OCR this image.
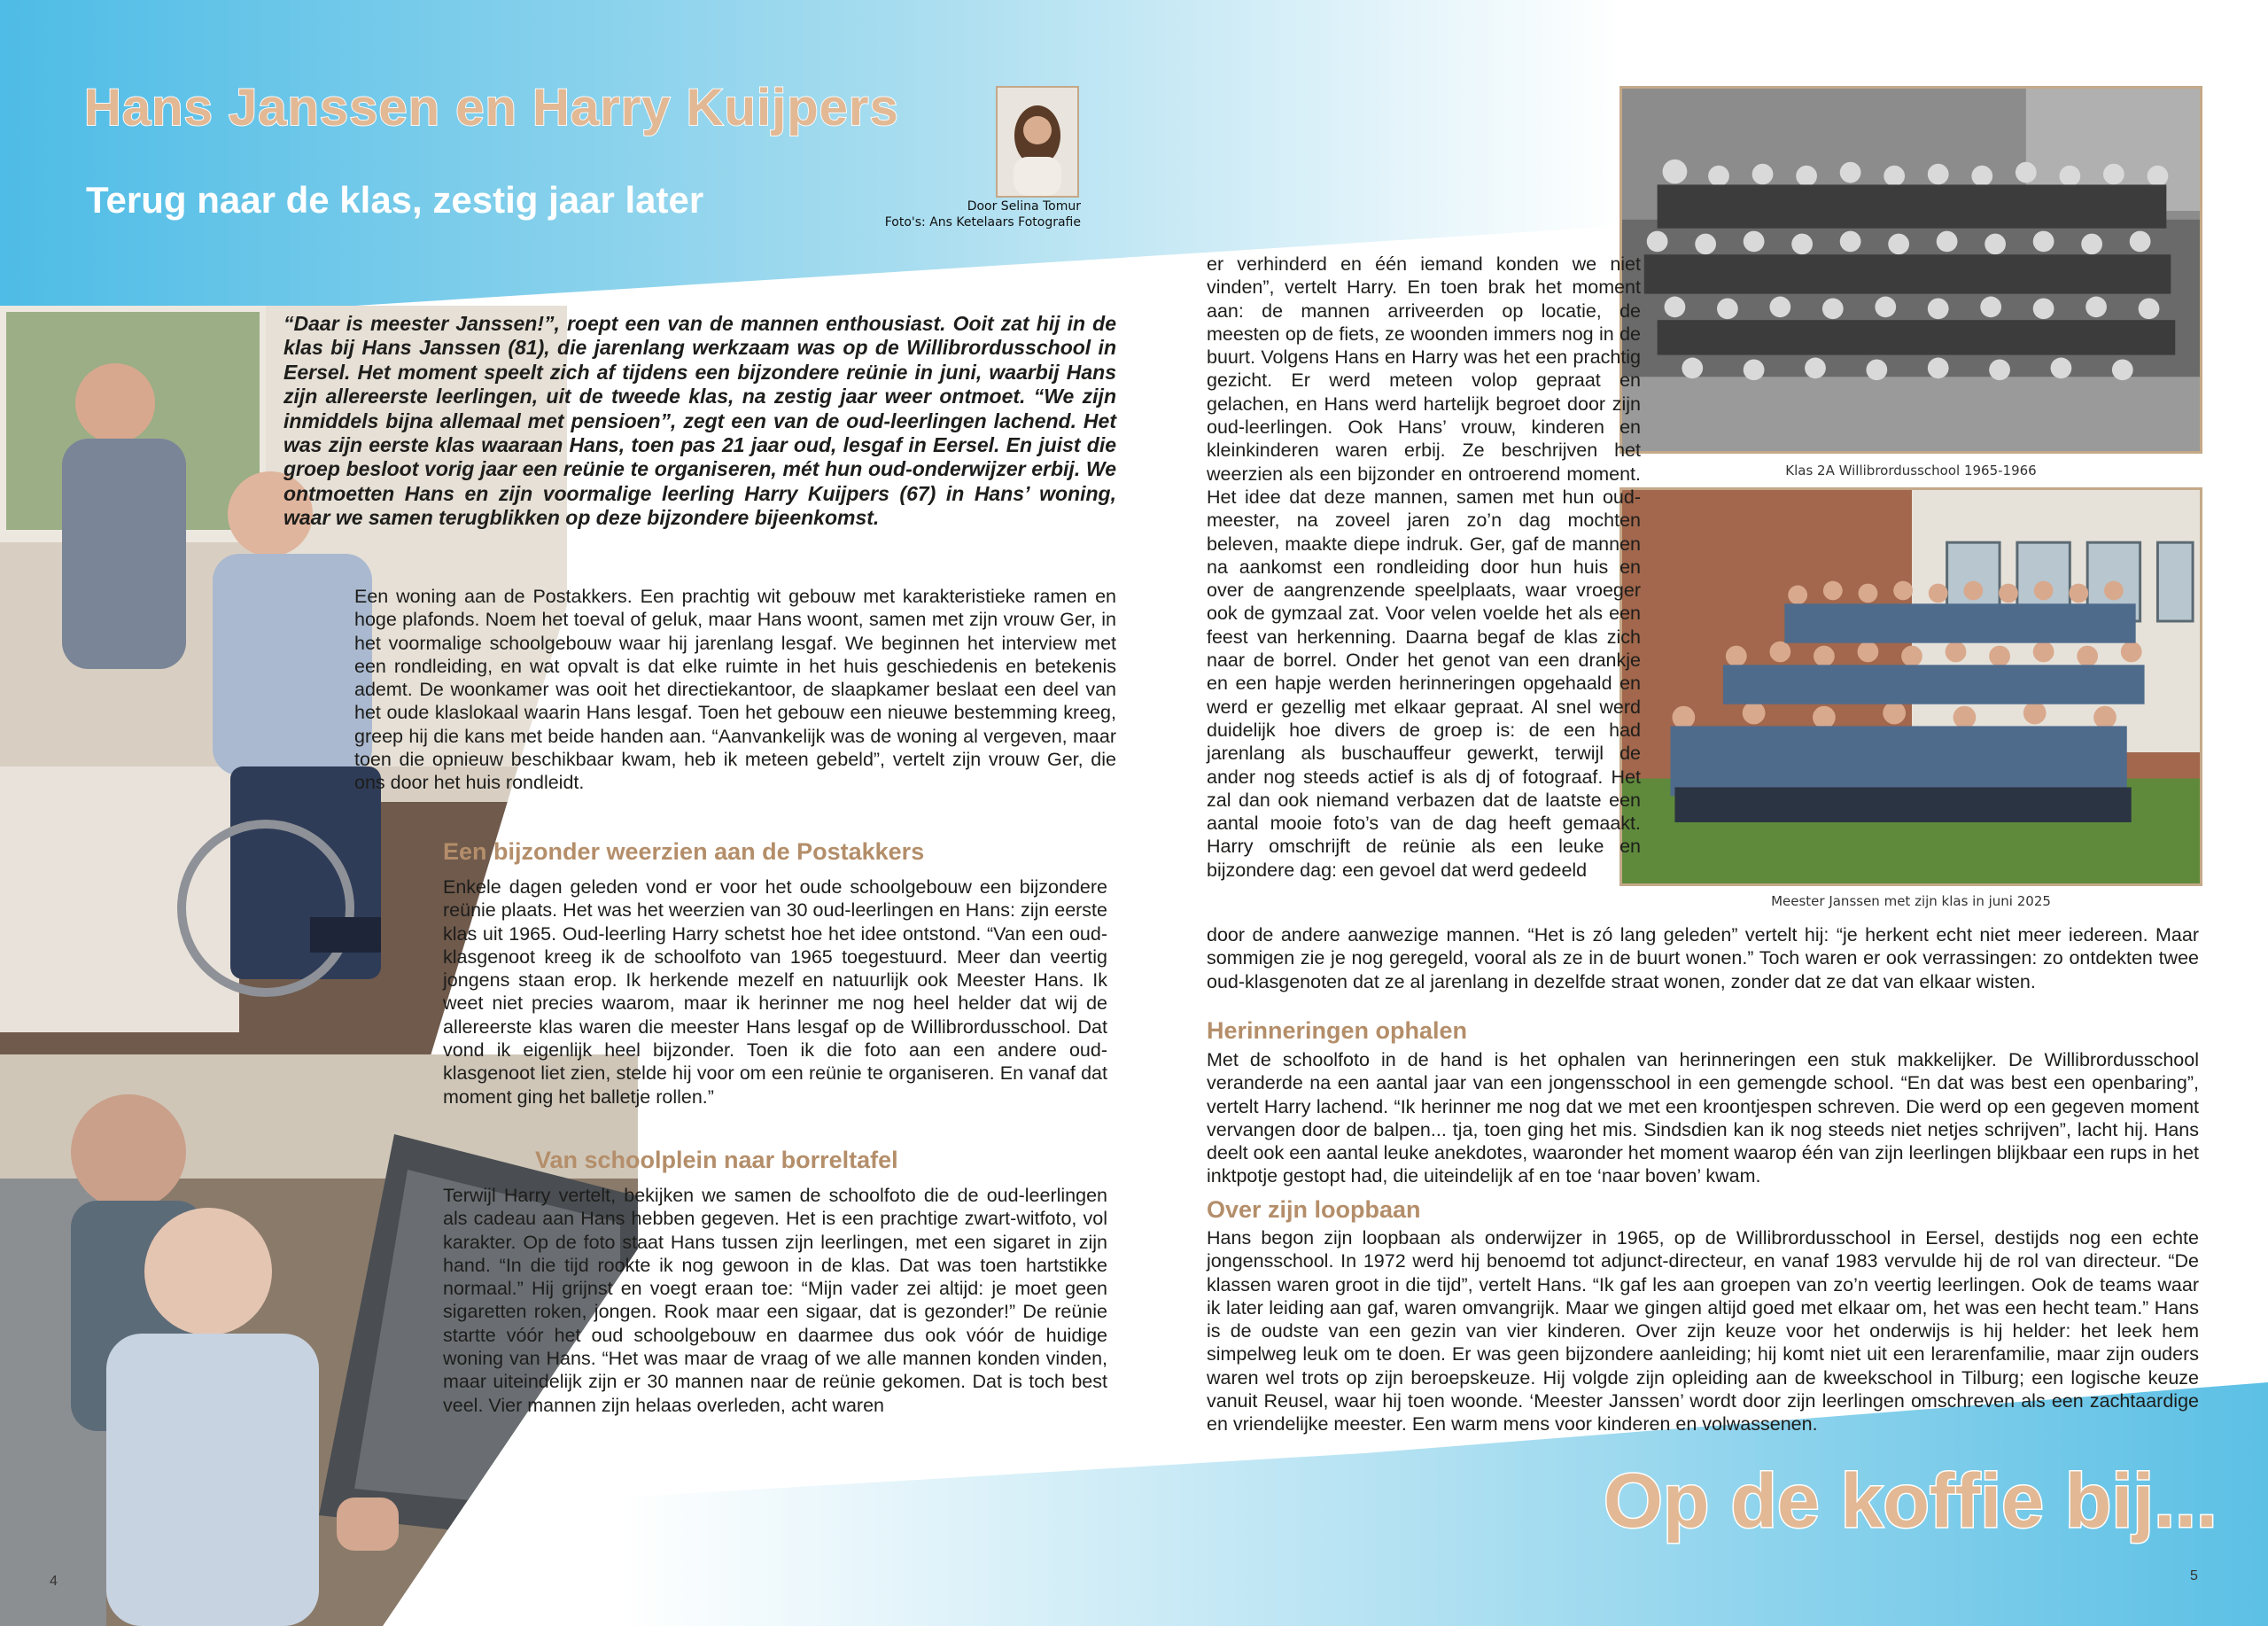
Klas 2A Willibrordusschool 1965-1966
Meester Janssen met zijn klas in juni 2025
Hans Janssen en Harry Kuijpers
Terug naar de klas, zestig jaar later	Door Selina Tomur
Foto's: Ans Ketelaars Fotografie
“Daar is meester Janssen!”, roept een van de mannen enthousiast. Ooit zat hij in de klas bij Hans Janssen (81), die jarenlang werkzaam was op de Willibrordusschool in Eersel. Het moment speelt zich af tijdens een bijzondere reünie in juni, waarbij Hans zijn allereerste leerlingen, uit de tweede klas, na zestig jaar weer ontmoet. “We zijn inmiddels bijna allemaal met pensioen”, zegt een van de oud-leerlingen lachend. Het was zijn eerste klas waaraan Hans, toen pas 21 jaar oud, lesgaf in Eersel. En juist die groep besloot vorig jaar een reünie te organiseren, mét hun oud-onderwijzer erbij. We ontmoetten Hans en zijn voormalige leerling Harry Kuijpers (67) in Hans’ woning, waar we samen terugblikken op deze bijzondere bijeenkomst.
Een woning aan de Postakkers. Een prachtig wit gebouw met karakteristieke ramen en hoge plafonds. Noem het toeval of geluk, maar Hans woont, samen met zijn vrouw Ger, in het voormalige schoolgebouw waar hij jarenlang lesgaf. We beginnen het interview met een rondleiding, en wat opvalt is dat elke ruimte in het huis geschiedenis en betekenis ademt. De woonkamer was ooit het directiekantoor, de slaapkamer beslaat een deel van het oude klaslokaal waarin Hans lesgaf. Toen het gebouw een nieuwe bestemming kreeg, greep hij die kans met beide handen aan. “Aanvankelijk was de woning al vergeven, maar toen die opnieuw beschikbaar kwam, heb ik meteen gebeld”, vertelt zijn vrouw Ger, die ons door het huis rondleidt.
Een bijzonder weerzien aan de Postakkers
Enkele dagen geleden vond er voor het oude schoolgebouw een bijzondere reünie plaats. Het was het weerzien van 30 oud-leerlingen en Hans: zijn eerste klas uit 1965. Oud-leerling Harry schetst hoe het idee ontstond. “Van een oud-klasgenoot kreeg ik de schoolfoto van 1965 toegestuurd. Meer dan veertig jongens staan erop. Ik herkende mezelf en natuurlijk ook Meester Hans. Ik weet niet precies waarom, maar ik herinner me nog heel helder dat wij de allereerste klas waren die meester Hans lesgaf op de Willibrordusschool. Dat vond ik eigenlijk heel bijzonder. Toen ik die foto aan een andere oud-klasgenoot liet zien, stelde hij voor om een reünie te organiseren. En vanaf dat moment ging het balletje rollen.”
Van schoolplein naar borreltafel
Terwijl Harry vertelt, bekijken we samen de schoolfoto die de oud-leerlingen als cadeau aan Hans hebben gegeven. Het is een prachtige zwart-witfoto, vol karakter. Op de foto staat Hans tussen zijn leerlingen, met een sigaret in zijn hand. “In die tijd rookte ik nog gewoon in de klas. Dat was toen hartstikke normaal.” Hij grijnst en voegt eraan toe: “Mijn vader zei altijd: je moet geen sigaretten roken, jongen. Rook maar een sigaar, dat is gezonder!” De reünie startte vóór het oud schoolgebouw en daarmee dus ook vóór de huidige woning van Hans. “Het was maar de vraag of we alle mannen konden vinden, maar uiteindelijk zijn er 30 mannen naar de reünie gekomen. Dat is toch best veel. Vier mannen zijn helaas overleden, acht waren
er verhinderd en één iemand konden we niet vinden”, vertelt Harry. En toen brak het moment aan: de mannen arriveerden op locatie, de meesten op de fiets, ze woonden immers nog in de buurt. Volgens Hans en Harry was het een prachtig gezicht. Er werd meteen volop gepraat en gelachen, en Hans werd hartelijk begroet door zijn oud-leerlingen. Ook Hans’ vrouw, kinderen en kleinkinderen waren erbij. Ze beschrijven het weerzien als een bijzonder en ontroerend moment. Het idee dat deze mannen, samen met hun oud-meester, na zoveel jaren zo’n dag mochten beleven, maakte diepe indruk. Ger, gaf de mannen na aankomst een rondleiding door hun huis en over de aangrenzende speelplaats, waar vroeger ook de gymzaal zat. Voor velen voelde het als een feest van herkenning. Daarna begaf de klas zich naar de borrel. Onder het genot van een drankje en een hapje werden herinneringen opgehaald en werd er gezellig met elkaar gepraat. Al snel werd duidelijk hoe divers de groep is: de een had jarenlang als buschauffeur gewerkt, terwijl de ander nog steeds actief is als dj of fotograaf. Het zal dan ook niemand verbazen dat de laatste een aantal mooie foto’s van de dag heeft gemaakt. Harry omschrijft de reünie als een leuke en bijzondere dag: een gevoel dat werd gedeeld
door de andere aanwezige mannen. “Het is zó lang geleden” vertelt hij: “je herkent echt niet meer iedereen. Maar sommigen zie je nog geregeld, vooral als ze in de buurt wonen.” Toch waren er ook verrassingen: zo ontdekten twee oud-klasgenoten dat ze al jarenlang in dezelfde straat wonen, zonder dat ze dat van elkaar wisten.
Herinneringen ophalen
Met de schoolfoto in de hand is het ophalen van herinneringen een stuk makkelijker. De Willibrordusschool veranderde na een aantal jaar van een jongensschool in een gemengde school. “En dat was best een openbaring”, vertelt Harry lachend. “Ik herinner me nog dat we met een kroontjespen schreven. Die werd op een gegeven moment vervangen door de balpen... tja, toen ging het mis. Sindsdien kan ik nog steeds niet netjes schrijven”, lacht hij. Hans deelt ook een aantal leuke anekdotes, waaronder het moment waarop één van zijn leerlingen blijkbaar een rups in het inktpotje gestopt had, die uiteindelijk af en toe ‘naar boven’ kwam.
Over zijn loopbaan
Hans begon zijn loopbaan als onderwijzer in 1965, op de Willibrordusschool in Eersel, destijds nog een echte jongensschool. In 1972 werd hij benoemd tot adjunct-directeur, en vanaf 1983 vervulde hij de rol van directeur. “De klassen waren groot in die tijd”, vertelt Hans. “Ik gaf les aan groepen van zo’n veertig leerlingen. Ook de teams waar ik later leiding aan gaf, waren omvangrijk. Maar we gingen altijd goed met elkaar om, het was een hecht team.” Hans is de oudste van een gezin van vier kinderen. Over zijn keuze voor het onderwijs is hij helder: het leek hem simpelweg leuk om te doen. Er was geen bijzondere aanleiding; hij komt niet uit een lerarenfamilie, maar zijn ouders waren wel trots op zijn beroepskeuze. Hij volgde zijn opleiding aan de kweekschool in Tilburg; een logische keuze vanuit Reusel, waar hij toen woonde. ‘Meester Janssen’ wordt door zijn leerlingen omschreven als een zachtaardige en vriendelijke meester. Een warm mens voor kinderen en volwassenen.
Op de koffie bij...
4	5
